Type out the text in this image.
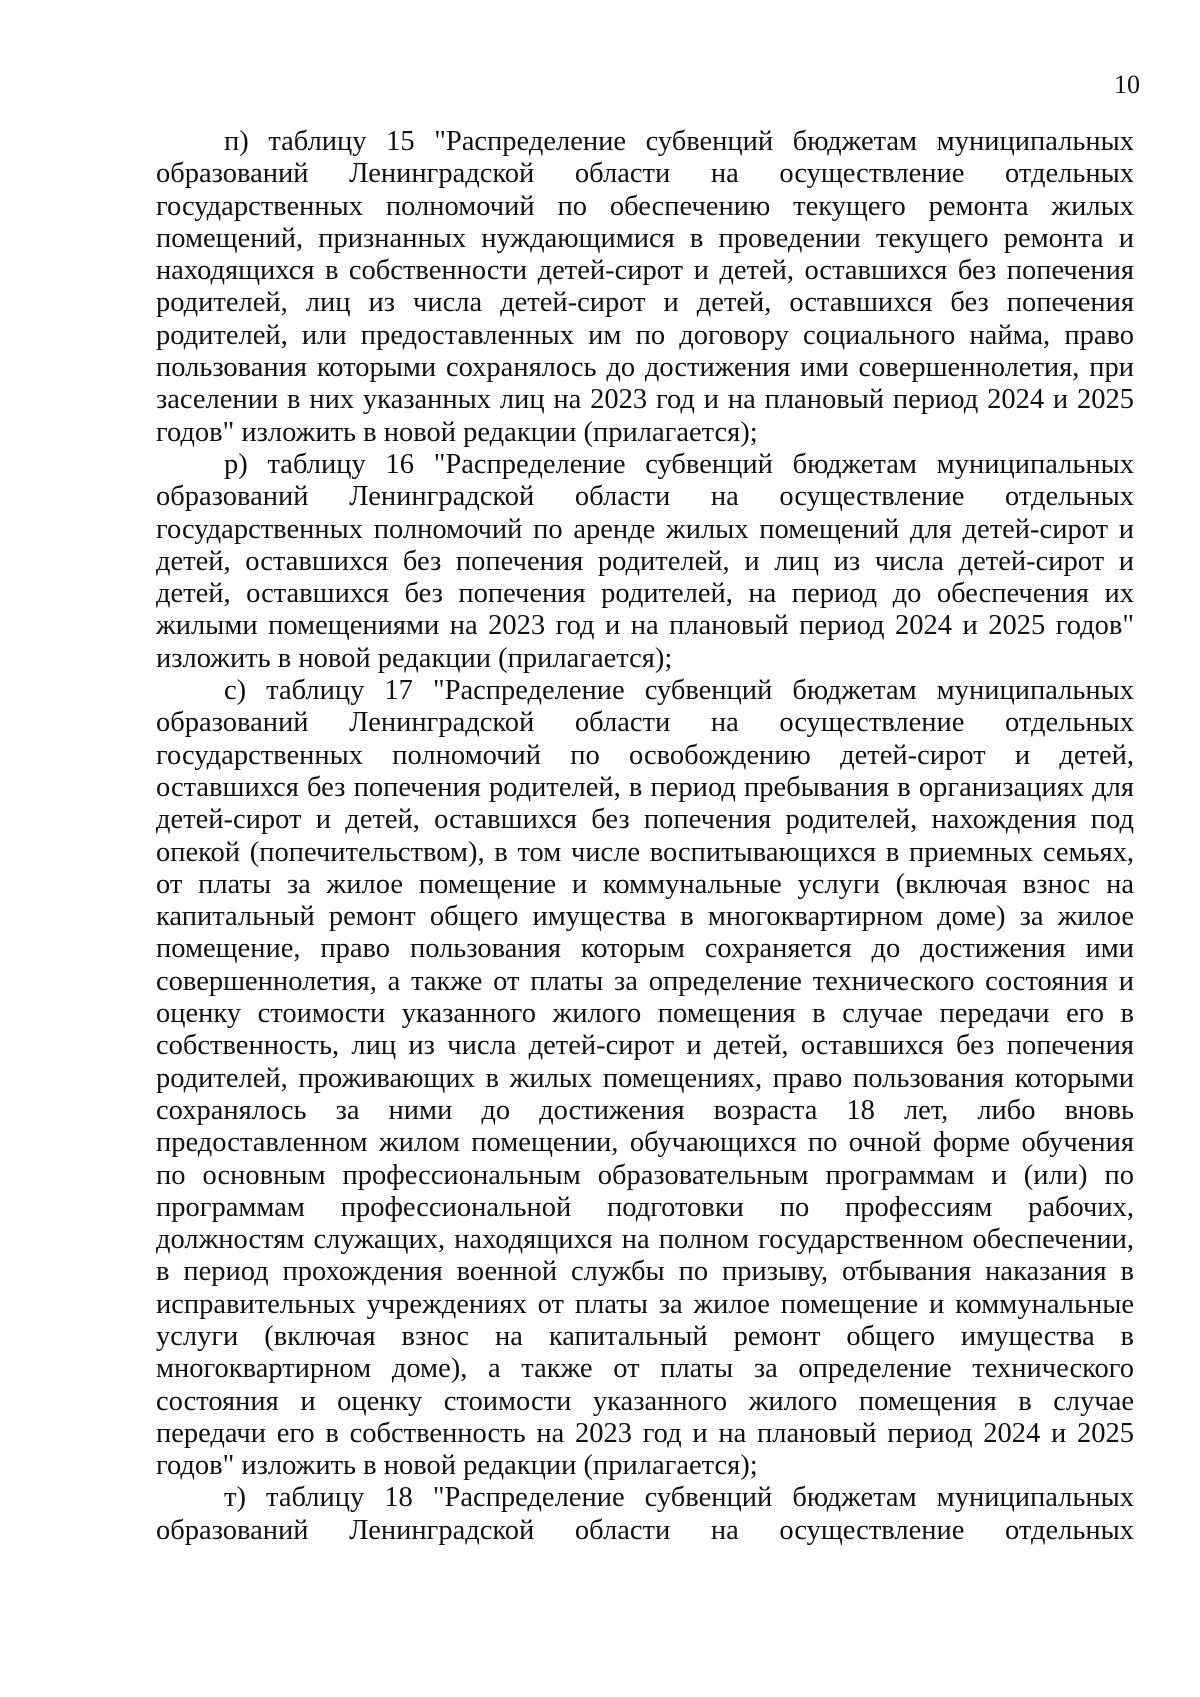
10

п) таблицу 15 "Распределение субвенций бюджетам муниципальных образований Ленинградской области на осуществление отдельных государственных полномочий по обеспечению текущего ремонта жилых помещений, признанных нуждающимися в проведении текущего ремонта и находящихся в собственности детей-сирот и детей, оставшихся без попечения родителей, лиц из числа детей-сирот и детей, оставшихся без попечения родителей, или предоставленных им по договору социального найма, право пользования которыми сохранялось до достижения ими совершеннолетия, при заселении в них указанных лиц на 2023 год и на плановый период 2024 и 2025 годов" изложить в новой редакции (прилагается);

р) таблицу 16 "Распределение субвенций бюджетам муниципальных образований Ленинградской области на осуществление отдельных государственных полномочий по аренде жилых помещений для детей-сирот и детей, оставшихся без попечения родителей, и лиц из числа детей-сирот и детей, оставшихся без попечения родителей, на период до обеспечения их жилыми помещениями на 2023 год и на плановый период 2024 и 2025 годов" изложить в новой редакции (прилагается);

с) таблицу 17 "Распределение субвенций бюджетам муниципальных образований Ленинградской области на осуществление отдельных государственных полномочий по освобождению детей-сирот и детей, оставшихся без попечения родителей, в период пребывания в организациях для детей-сирот и детей, оставшихся без попечения родителей, нахождения под опекой (попечительством), в том числе воспитывающихся в приемных семьях, от платы за жилое помещение и коммунальные услуги (включая взнос на капитальный ремонт общего имущества в многоквартирном доме) за жилое помещение, право пользования которым сохраняется до достижения ими совершеннолетия, а также от платы за определение технического состояния и оценку стоимости указанного жилого помещения в случае передачи его в собственность, лиц из числа детей-сирот и детей, оставшихся без попечения родителей, проживающих в жилых помещениях, право пользования которыми сохранялось за ними до достижения возраста 18 лет, либо вновь предоставленном жилом помещении, обучающихся по очной форме обучения по основным профессиональным образовательным программам и (или) по программам профессиональной подготовки по профессиям рабочих, должностям служащих, находящихся на полном государственном обеспечении, в период прохождения военной службы по призыву, отбывания наказания в исправительных учреждениях от платы за жилое помещение и коммунальные услуги (включая взнос на капитальный ремонт общего имущества в многоквартирном доме), а также от платы за определение технического состояния и оценку стоимости указанного жилого помещения в случае передачи его в собственность на 2023 год и на плановый период 2024 и 2025 годов" изложить в новой редакции (прилагается);

т) таблицу 18 "Распределение субвенций бюджетам муниципальных образований Ленинградской области на осуществление отдельных
